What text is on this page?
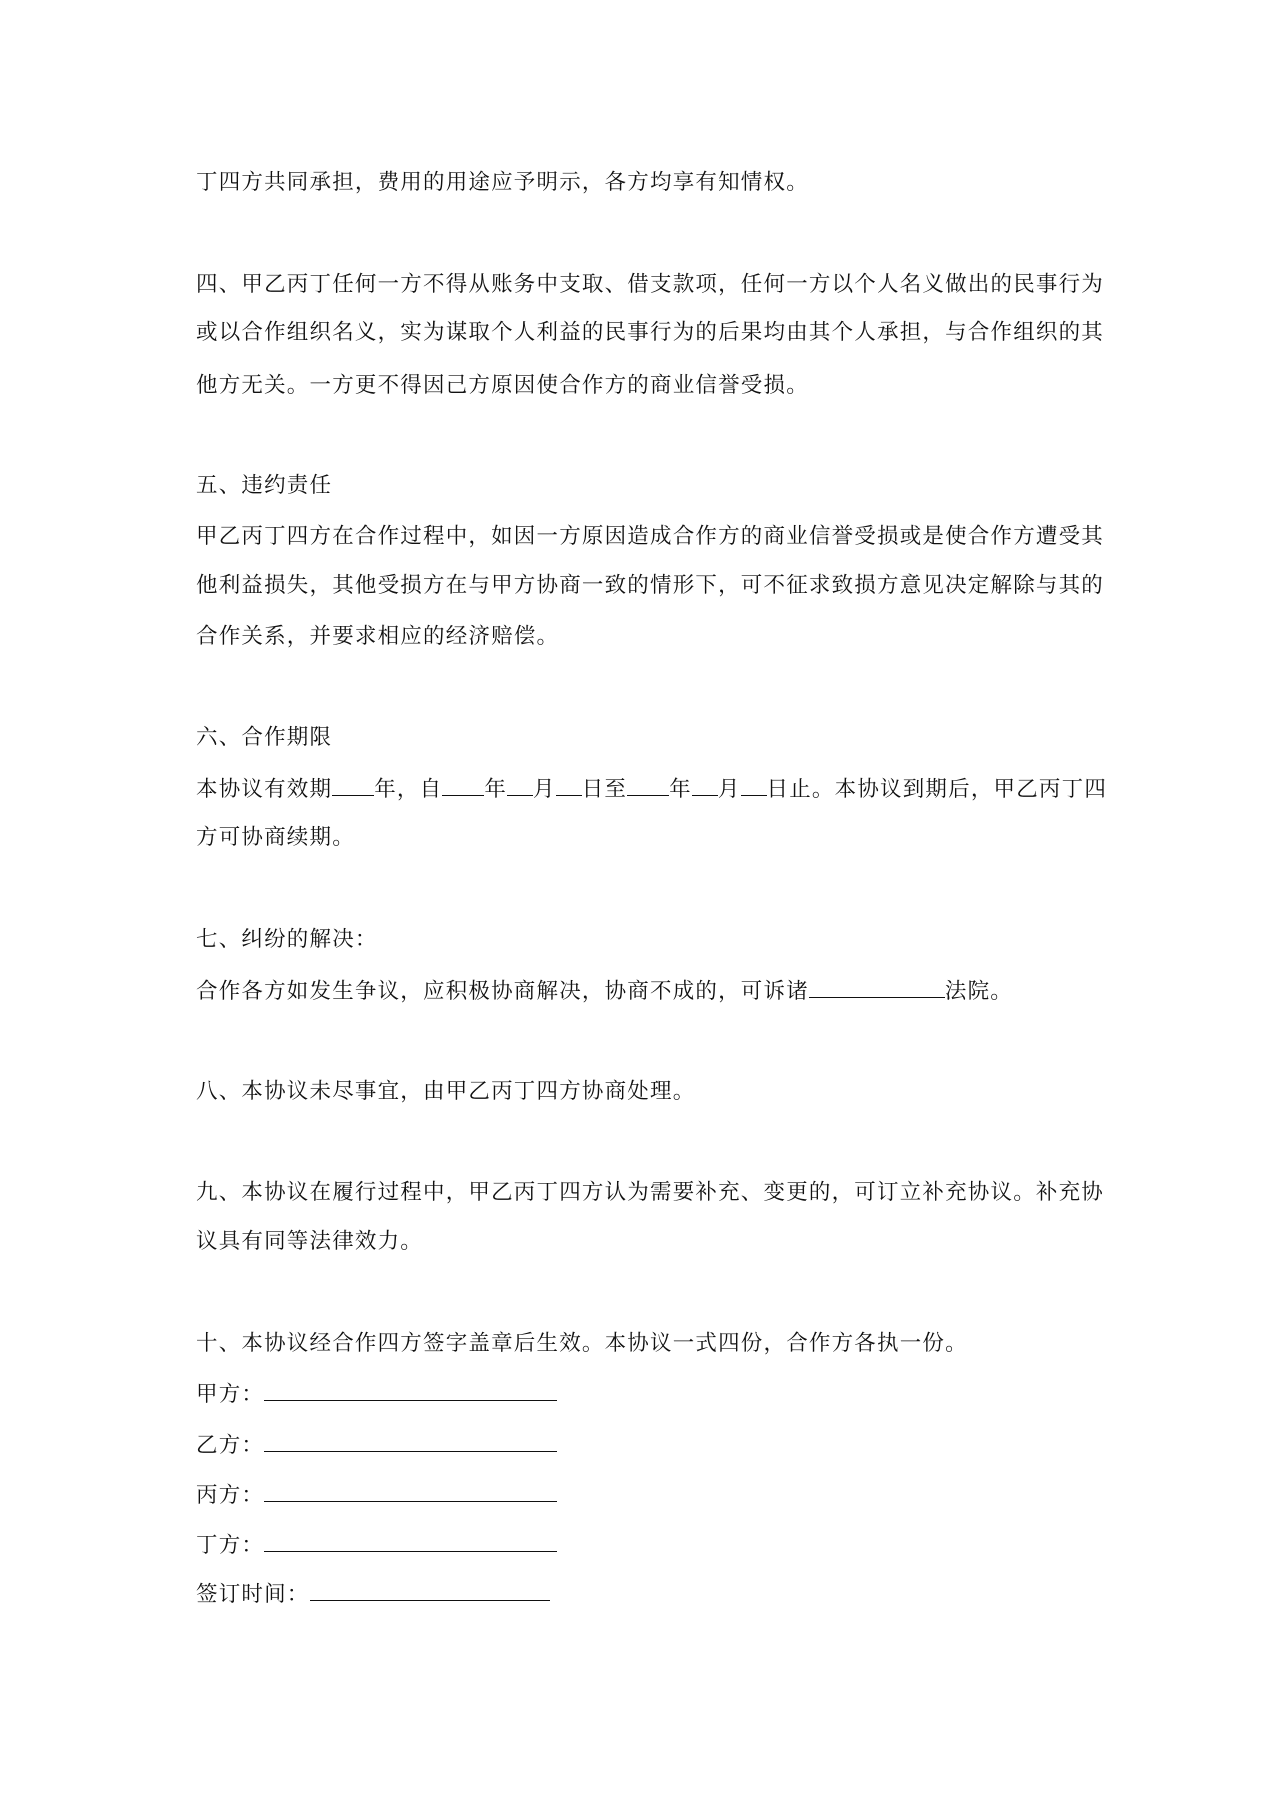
丁四方共同承担，费用的用途应予明示，各方均享有知情权。
四、甲乙丙丁任何一方不得从账务中支取、借支款项，任何一方以个人名义做出的民事行为
或以合作组织名义，实为谋取个人利益的民事行为的后果均由其个人承担，与合作组织的其
他方无关。一方更不得因己方原因使合作方的商业信誉受损。
五、违约责任
甲乙丙丁四方在合作过程中，如因一方原因造成合作方的商业信誉受损或是使合作方遭受其
他利益损失，其他受损方在与甲方协商一致的情形下，可不征求致损方意见决定解除与其的
合作关系，并要求相应的经济赔偿。
六、合作期限
本协议有效期 年，自 年 月 日至 年 月 日止。本协议到期后，甲乙丙丁四
方可协商续期。
七、纠纷的解决：
合作各方如发生争议，应积极协商解决，协商不成的，可诉诸	法院。
八、本协议未尽事宜，由甲乙丙丁四方协商处理。
九、本协议在履行过程中，甲乙丙丁四方认为需要补充、变更的，可订立补充协议。补充协
议具有同等法律效力。
十、本协议经合作四方签字盖章后生效。本协议一式四份，合作方各执一份。
甲方：
乙方：
丙方：
丁方：
签订时间：
